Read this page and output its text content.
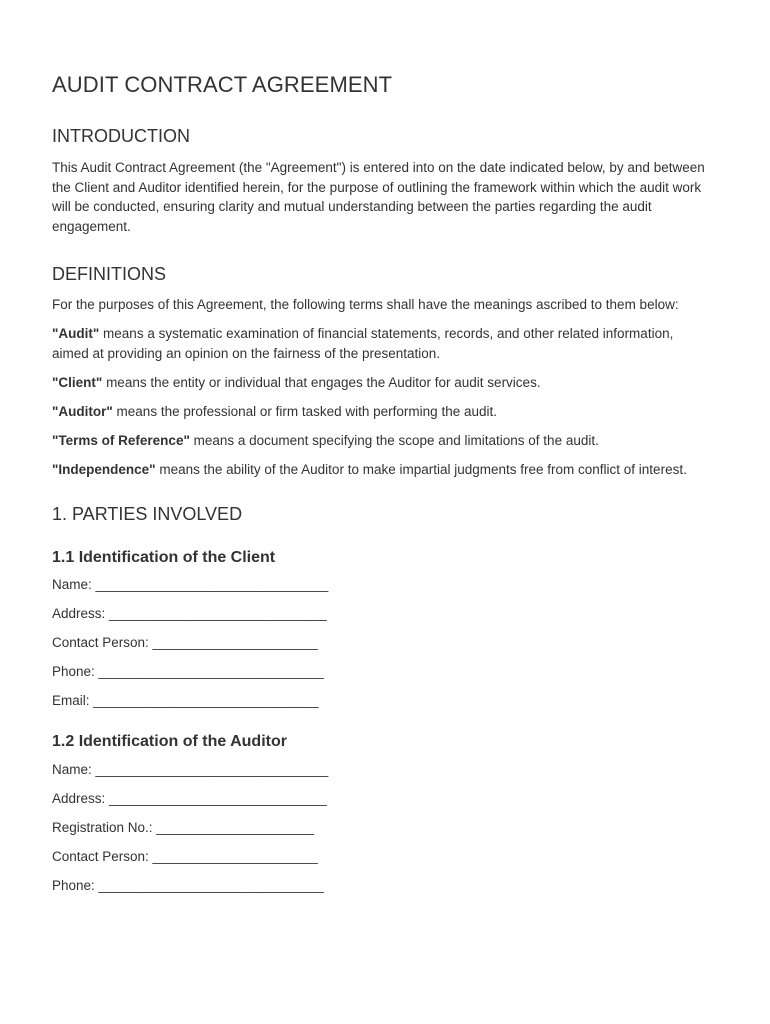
AUDIT CONTRACT AGREEMENT
INTRODUCTION

This Audit Contract Agreement (the "Agreement") is entered into on the date indicated below, by and between the Client and Auditor identified herein, for the purpose of outlining the framework within which the audit work will be conducted, ensuring clarity and mutual understanding between the parties regarding the audit engagement.

DEFINITIONS

For the purposes of this Agreement, the following terms shall have the meanings ascribed to them below:

"Audit" means a systematic examination of financial statements, records, and other related information, aimed at providing an opinion on the fairness of the presentation.

"Client" means the entity or individual that engages the Auditor for audit services.

"Auditor" means the professional or firm tasked with performing the audit.

"Terms of Reference" means a document specifying the scope and limitations of the audit.

"Independence" means the ability of the Auditor to make impartial judgments free from conflict of interest.

1. PARTIES INVOLVED
1.1 Identification of the Client

Name: _______________________________

Address: _____________________________

Contact Person: ______________________

Phone: ______________________________

Email: ______________________________

1.2 Identification of the Auditor

Name: _______________________________

Address: _____________________________

Registration No.: _____________________

Contact Person: ______________________

Phone: ______________________________
